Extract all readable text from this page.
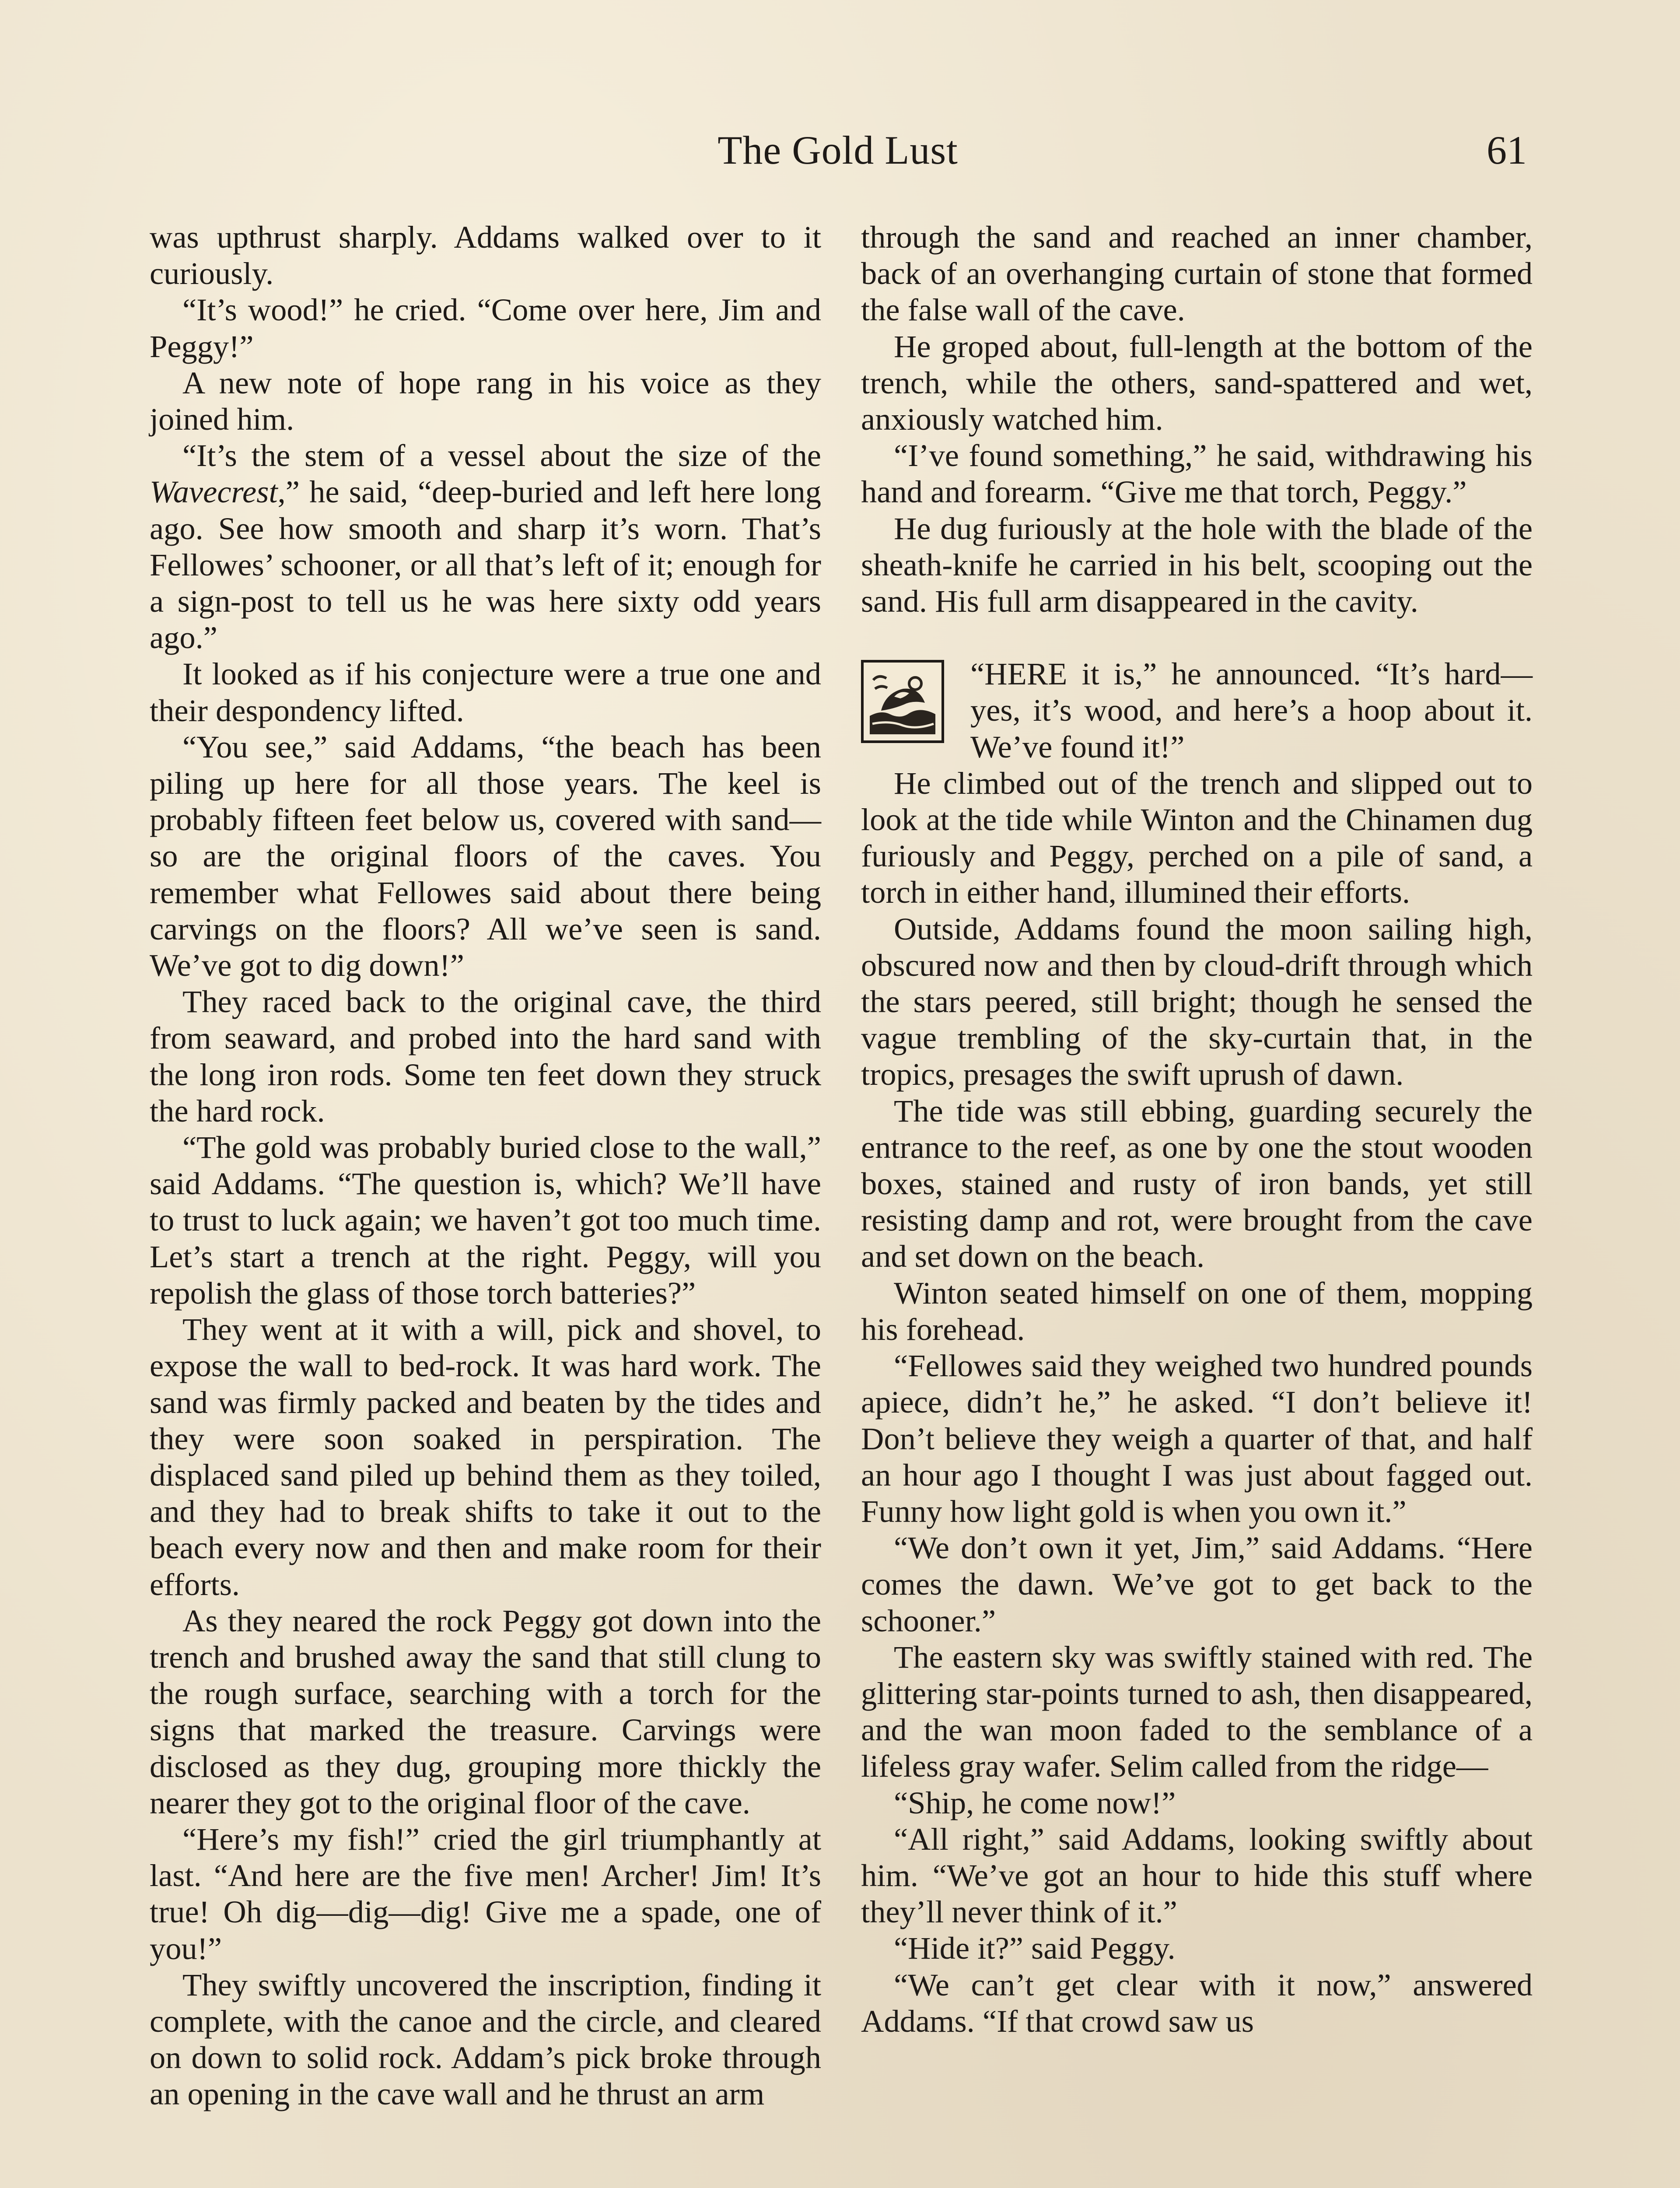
The Gold Lust	61

was upthrust sharply. Addams walked over to it curiously.

“It’s wood!” he cried. “Come over here, Jim and Peggy!”

A new note of hope rang in his voice as they joined him.

“It’s the stem of a vessel about the size of the Wavecrest,” he said, “deep-buried and left here long ago. See how smooth and sharp it’s worn. That’s Fellowes’ schooner, or all that’s left of it; enough for a sign-post to tell us he was here sixty odd years ago.”

It looked as if his conjecture were a true one and their despondency lifted.

“You see,” said Addams, “the beach has been piling up here for all those years. The keel is probably fifteen feet below us, covered with sand—so are the original floors of the caves. You remember what Fellowes said about there being carvings on the floors? All we’ve seen is sand. We’ve got to dig down!”

They raced back to the original cave, the third from seaward, and probed into the hard sand with the long iron rods. Some ten feet down they struck the hard rock.

“The gold was probably buried close to the wall,” said Addams. “The question is, which? We’ll have to trust to luck again; we haven’t got too much time. Let’s start a trench at the right. Peggy, will you repolish the glass of those torch batteries?”

They went at it with a will, pick and shovel, to expose the wall to bed-rock. It was hard work. The sand was firmly packed and beaten by the tides and they were soon soaked in perspiration. The displaced sand piled up behind them as they toiled, and they had to break shifts to take it out to the beach every now and then and make room for their efforts.

As they neared the rock Peggy got down into the trench and brushed away the sand that still clung to the rough surface, searching with a torch for the signs that marked the treasure. Carvings were disclosed as they dug, grouping more thickly the nearer they got to the original floor of the cave.

“Here’s my fish!” cried the girl triumphantly at last. “And here are the five men! Archer! Jim! It’s true! Oh dig—dig—dig! Give me a spade, one of you!”

They swiftly uncovered the inscription, finding it complete, with the canoe and the circle, and cleared on down to solid rock. Addam’s pick broke through an opening in the cave wall and he thrust an arm

through the sand and reached an inner chamber, back of an overhanging curtain of stone that formed the false wall of the cave.

He groped about, full-length at the bottom of the trench, while the others, sand-spattered and wet, anxiously watched him.

“I’ve found something,” he said, withdrawing his hand and forearm. “Give me that torch, Peggy.”

He dug furiously at the hole with the blade of the sheath-knife he carried in his belt, scooping out the sand. His full arm disappeared in the cavity.

“HERE it is,” he announced. “It’s hard—yes, it’s wood, and here’s a hoop about it. We’ve found it!”

He climbed out of the trench and slipped out to look at the tide while Winton and the Chinamen dug furiously and Peggy, perched on a pile of sand, a torch in either hand, illumined their efforts.

Outside, Addams found the moon sailing high, obscured now and then by cloud-drift through which the stars peered, still bright; though he sensed the vague trembling of the sky-curtain that, in the tropics, presages the swift uprush of dawn.

The tide was still ebbing, guarding securely the entrance to the reef, as one by one the stout wooden boxes, stained and rusty of iron bands, yet still resisting damp and rot, were brought from the cave and set down on the beach.

Winton seated himself on one of them, mopping his forehead.

“Fellowes said they weighed two hundred pounds apiece, didn’t he,” he asked. “I don’t believe it! Don’t believe they weigh a quarter of that, and half an hour ago I thought I was just about fagged out. Funny how light gold is when you own it.”

“We don’t own it yet, Jim,” said Addams. “Here comes the dawn. We’ve got to get back to the schooner.”

The eastern sky was swiftly stained with red. The glittering star-points turned to ash, then disappeared, and the wan moon faded to the semblance of a lifeless gray wafer. Selim called from the ridge—

“Ship, he come now!”

“All right,” said Addams, looking swiftly about him. “We’ve got an hour to hide this stuff where they’ll never think of it.”

“Hide it?” said Peggy.

“We can’t get clear with it now,” answered Addams. “If that crowd saw us
